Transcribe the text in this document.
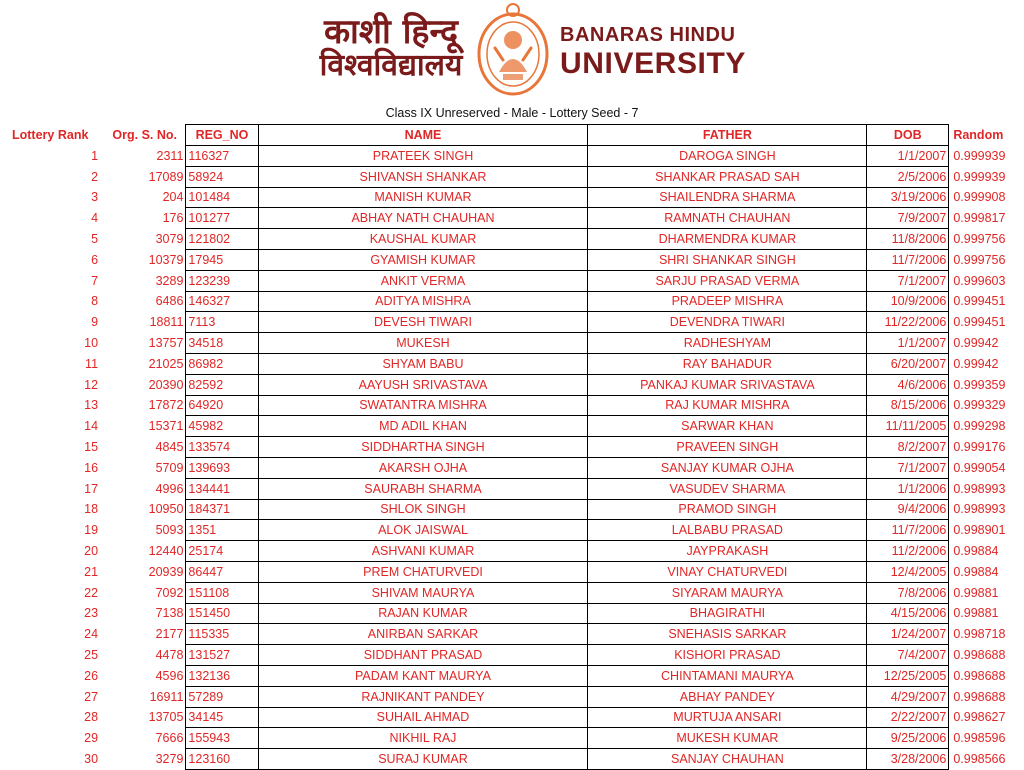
काशी हिन्दू
विश्वविद्यालय
BANARAS HINDU
UNIVERSITY
Class IX Unreserved - Male - Lottery Seed - 7
Lottery Rank	Org. S. No.	REG_NO	NAME	FATHER	DOB	Random
1	2311	116327	PRATEEK SINGH	DAROGA SINGH	1/1/2007	0.999939
2	17089	58924	SHIVANSH SHANKAR	SHANKAR PRASAD SAH	2/5/2006	0.999939
3	204	101484	MANISH KUMAR	SHAILENDRA SHARMA	3/19/2006	0.999908
4	176	101277	ABHAY NATH CHAUHAN	RAMNATH CHAUHAN	7/9/2007	0.999817
5	3079	121802	KAUSHAL KUMAR	DHARMENDRA KUMAR	11/8/2006	0.999756
6	10379	17945	GYAMISH KUMAR	SHRI SHANKAR SINGH	11/7/2006	0.999756
7	3289	123239	ANKIT VERMA	SARJU PRASAD VERMA	7/1/2007	0.999603
8	6486	146327	ADITYA MISHRA	PRADEEP MISHRA	10/9/2006	0.999451
9	18811	7113	DEVESH TIWARI	DEVENDRA TIWARI	11/22/2006	0.999451
10	13757	34518	MUKESH	RADHESHYAM	1/1/2007	0.99942
11	21025	86982	SHYAM BABU	RAY BAHADUR	6/20/2007	0.99942
12	20390	82592	AAYUSH SRIVASTAVA	PANKAJ KUMAR SRIVASTAVA	4/6/2006	0.999359
13	17872	64920	SWATANTRA MISHRA	RAJ KUMAR MISHRA	8/15/2006	0.999329
14	15371	45982	MD ADIL KHAN	SARWAR KHAN	11/11/2005	0.999298
15	4845	133574	SIDDHARTHA SINGH	PRAVEEN SINGH	8/2/2007	0.999176
16	5709	139693	AKARSH OJHA	SANJAY KUMAR OJHA	7/1/2007	0.999054
17	4996	134441	SAURABH SHARMA	VASUDEV SHARMA	1/1/2006	0.998993
18	10950	184371	SHLOK SINGH	PRAMOD SINGH	9/4/2006	0.998993
19	5093	1351	ALOK JAISWAL	LALBABU PRASAD	11/7/2006	0.998901
20	12440	25174	ASHVANI KUMAR	JAYPRAKASH	11/2/2006	0.99884
21	20939	86447	PREM CHATURVEDI	VINAY CHATURVEDI	12/4/2005	0.99884
22	7092	151108	SHIVAM MAURYA	SIYARAM MAURYA	7/8/2006	0.99881
23	7138	151450	RAJAN KUMAR	BHAGIRATHI	4/15/2006	0.99881
24	2177	115335	ANIRBAN SARKAR	SNEHASIS SARKAR	1/24/2007	0.998718
25	4478	131527	SIDDHANT PRASAD	KISHORI PRASAD	7/4/2007	0.998688
26	4596	132136	PADAM KANT MAURYA	CHINTAMANI MAURYA	12/25/2005	0.998688
27	16911	57289	RAJNIKANT PANDEY	ABHAY PANDEY	4/29/2007	0.998688
28	13705	34145	SUHAIL AHMAD	MURTUJA ANSARI	2/22/2007	0.998627
29	7666	155943	NIKHIL RAJ	MUKESH KUMAR	9/25/2006	0.998596
30	3279	123160	SURAJ KUMAR	SANJAY CHAUHAN	3/28/2006	0.998566
